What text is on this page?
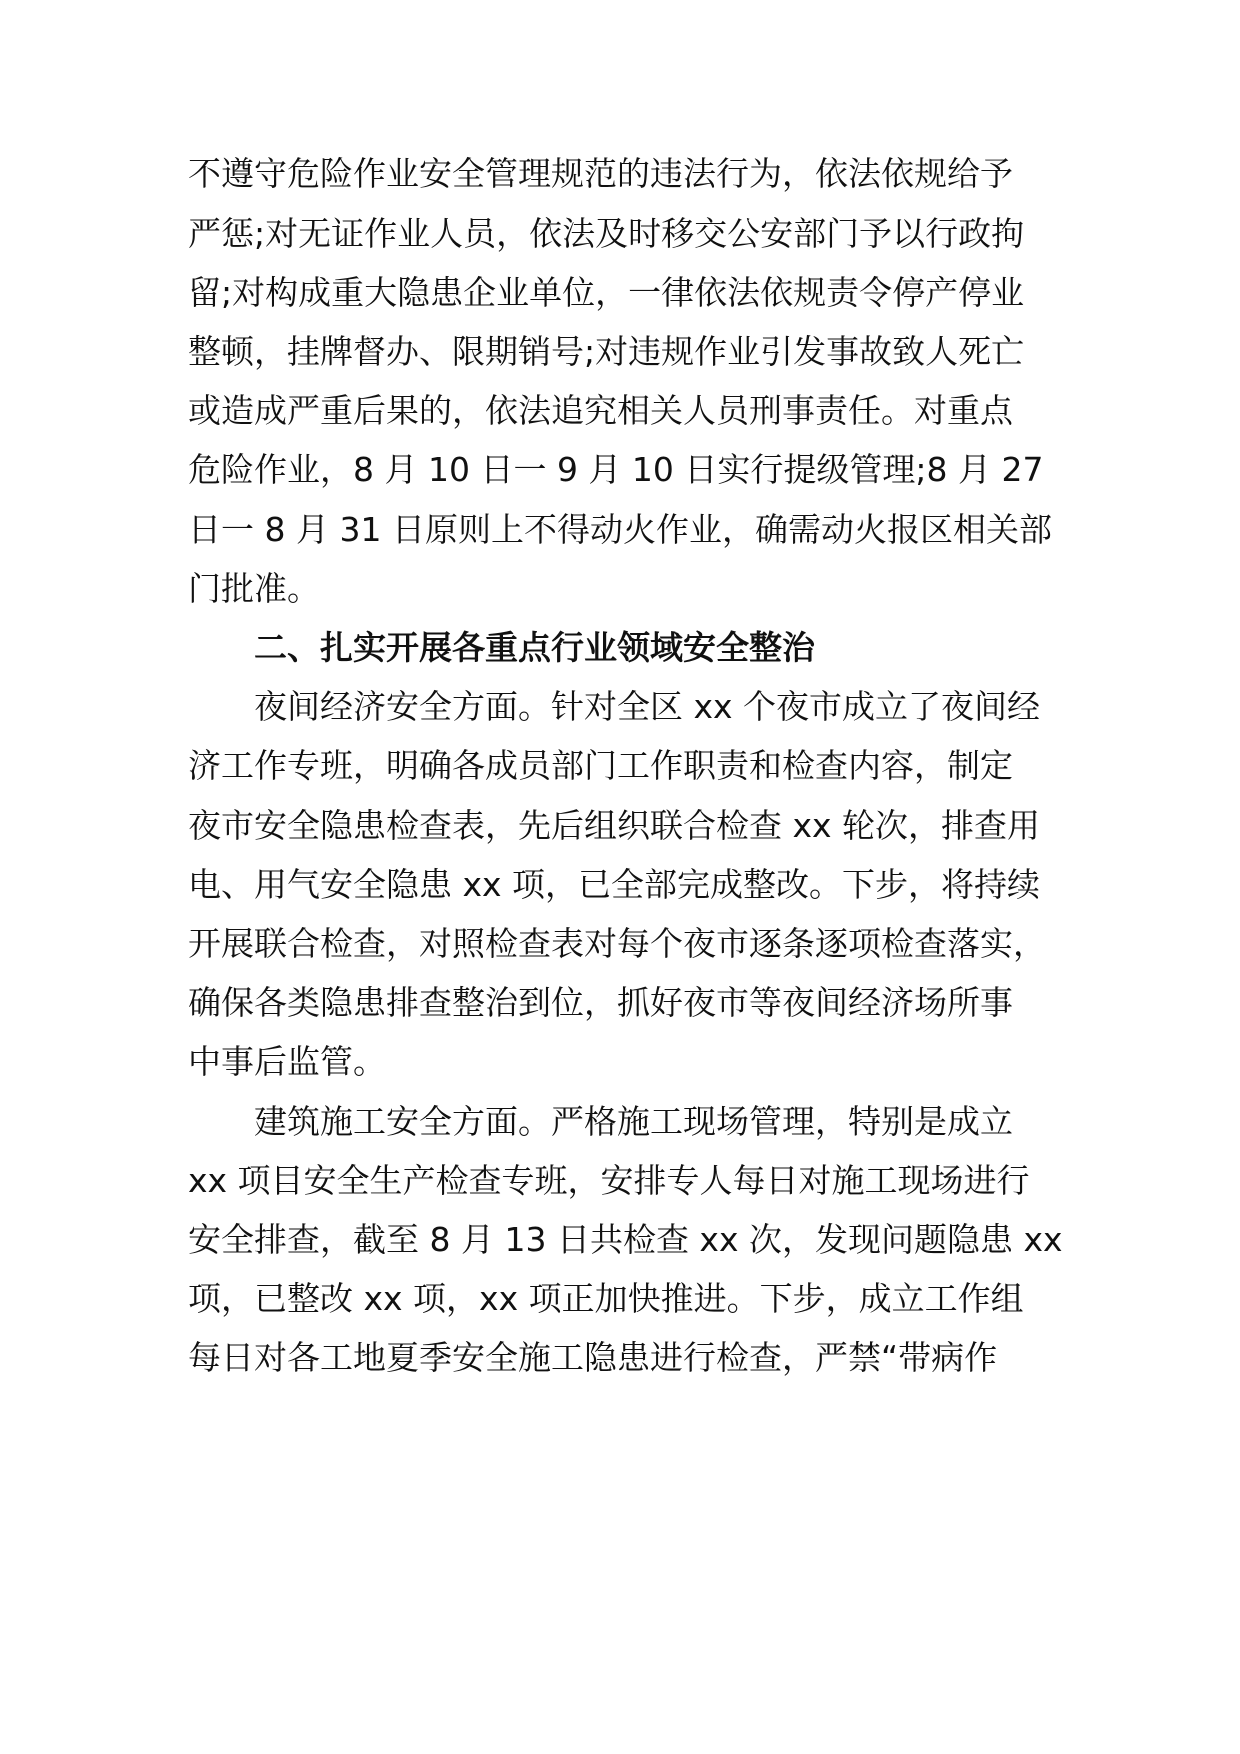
不遵守危险作业安全管理规范的违法行为，依法依规给予

严惩;对无证作业人员，依法及时移交公安部门予以行政拘

留;对构成重大隐患企业单位，一律依法依规责令停产停业

整顿，挂牌督办、限期销号;对违规作业引发事故致人死亡

或造成严重后果的，依法追究相关人员刑事责任。对重点

危险作业，8 月 10 日一 9 月 10 日实行提级管理;8 月 27

日一 8 月 31 日原则上不得动火作业，确需动火报区相关部

门批准。

二、扎实开展各重点行业领域安全整治

夜间经济安全方面。针对全区 xx 个夜市成立了夜间经

济工作专班，明确各成员部门工作职责和检查内容，制定

夜市安全隐患检查表，先后组织联合检查 xx 轮次，排查用

电、用气安全隐患 xx 项，已全部完成整改。下步，将持续

开展联合检查，对照检查表对每个夜市逐条逐项检查落实，

确保各类隐患排查整治到位，抓好夜市等夜间经济场所事

中事后监管。

建筑施工安全方面。严格施工现场管理，特别是成立

xx 项目安全生产检查专班，安排专人每日对施工现场进行

安全排查，截至 8 月 13 日共检查 xx 次，发现问题隐患 xx

项，已整改 xx 项，xx 项正加快推进。下步，成立工作组

每日对各工地夏季安全施工隐患进行检查，严禁“带病作
